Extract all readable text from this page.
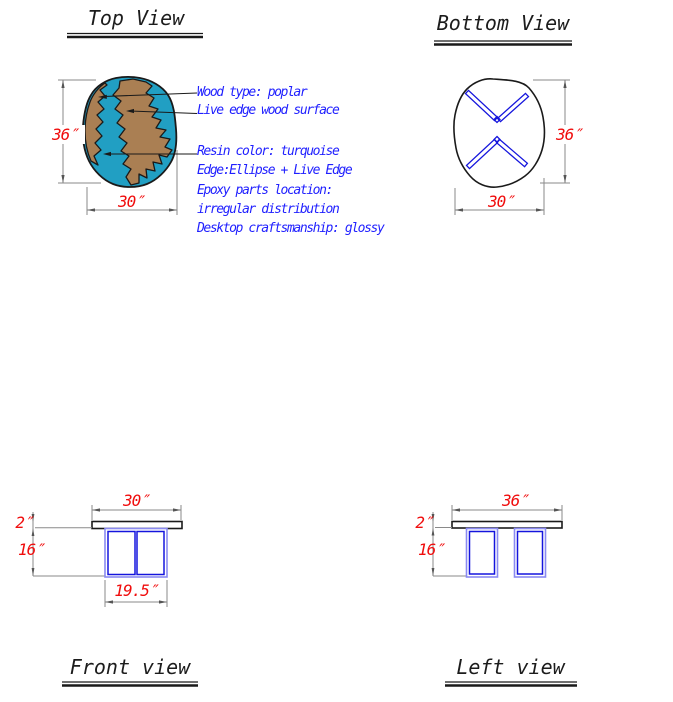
Top View	Bottom View
Front view	Left view
Wood type: poplar
Live edge wood surface
Resin color: turquoise
Edge:Ellipse + Live Edge
Epoxy parts location:
irregular distribution
Desktop craftsmanship: glossy
36″
30″
36″
30″
30″
2″
16″
19.5″
36″
2″
16″
